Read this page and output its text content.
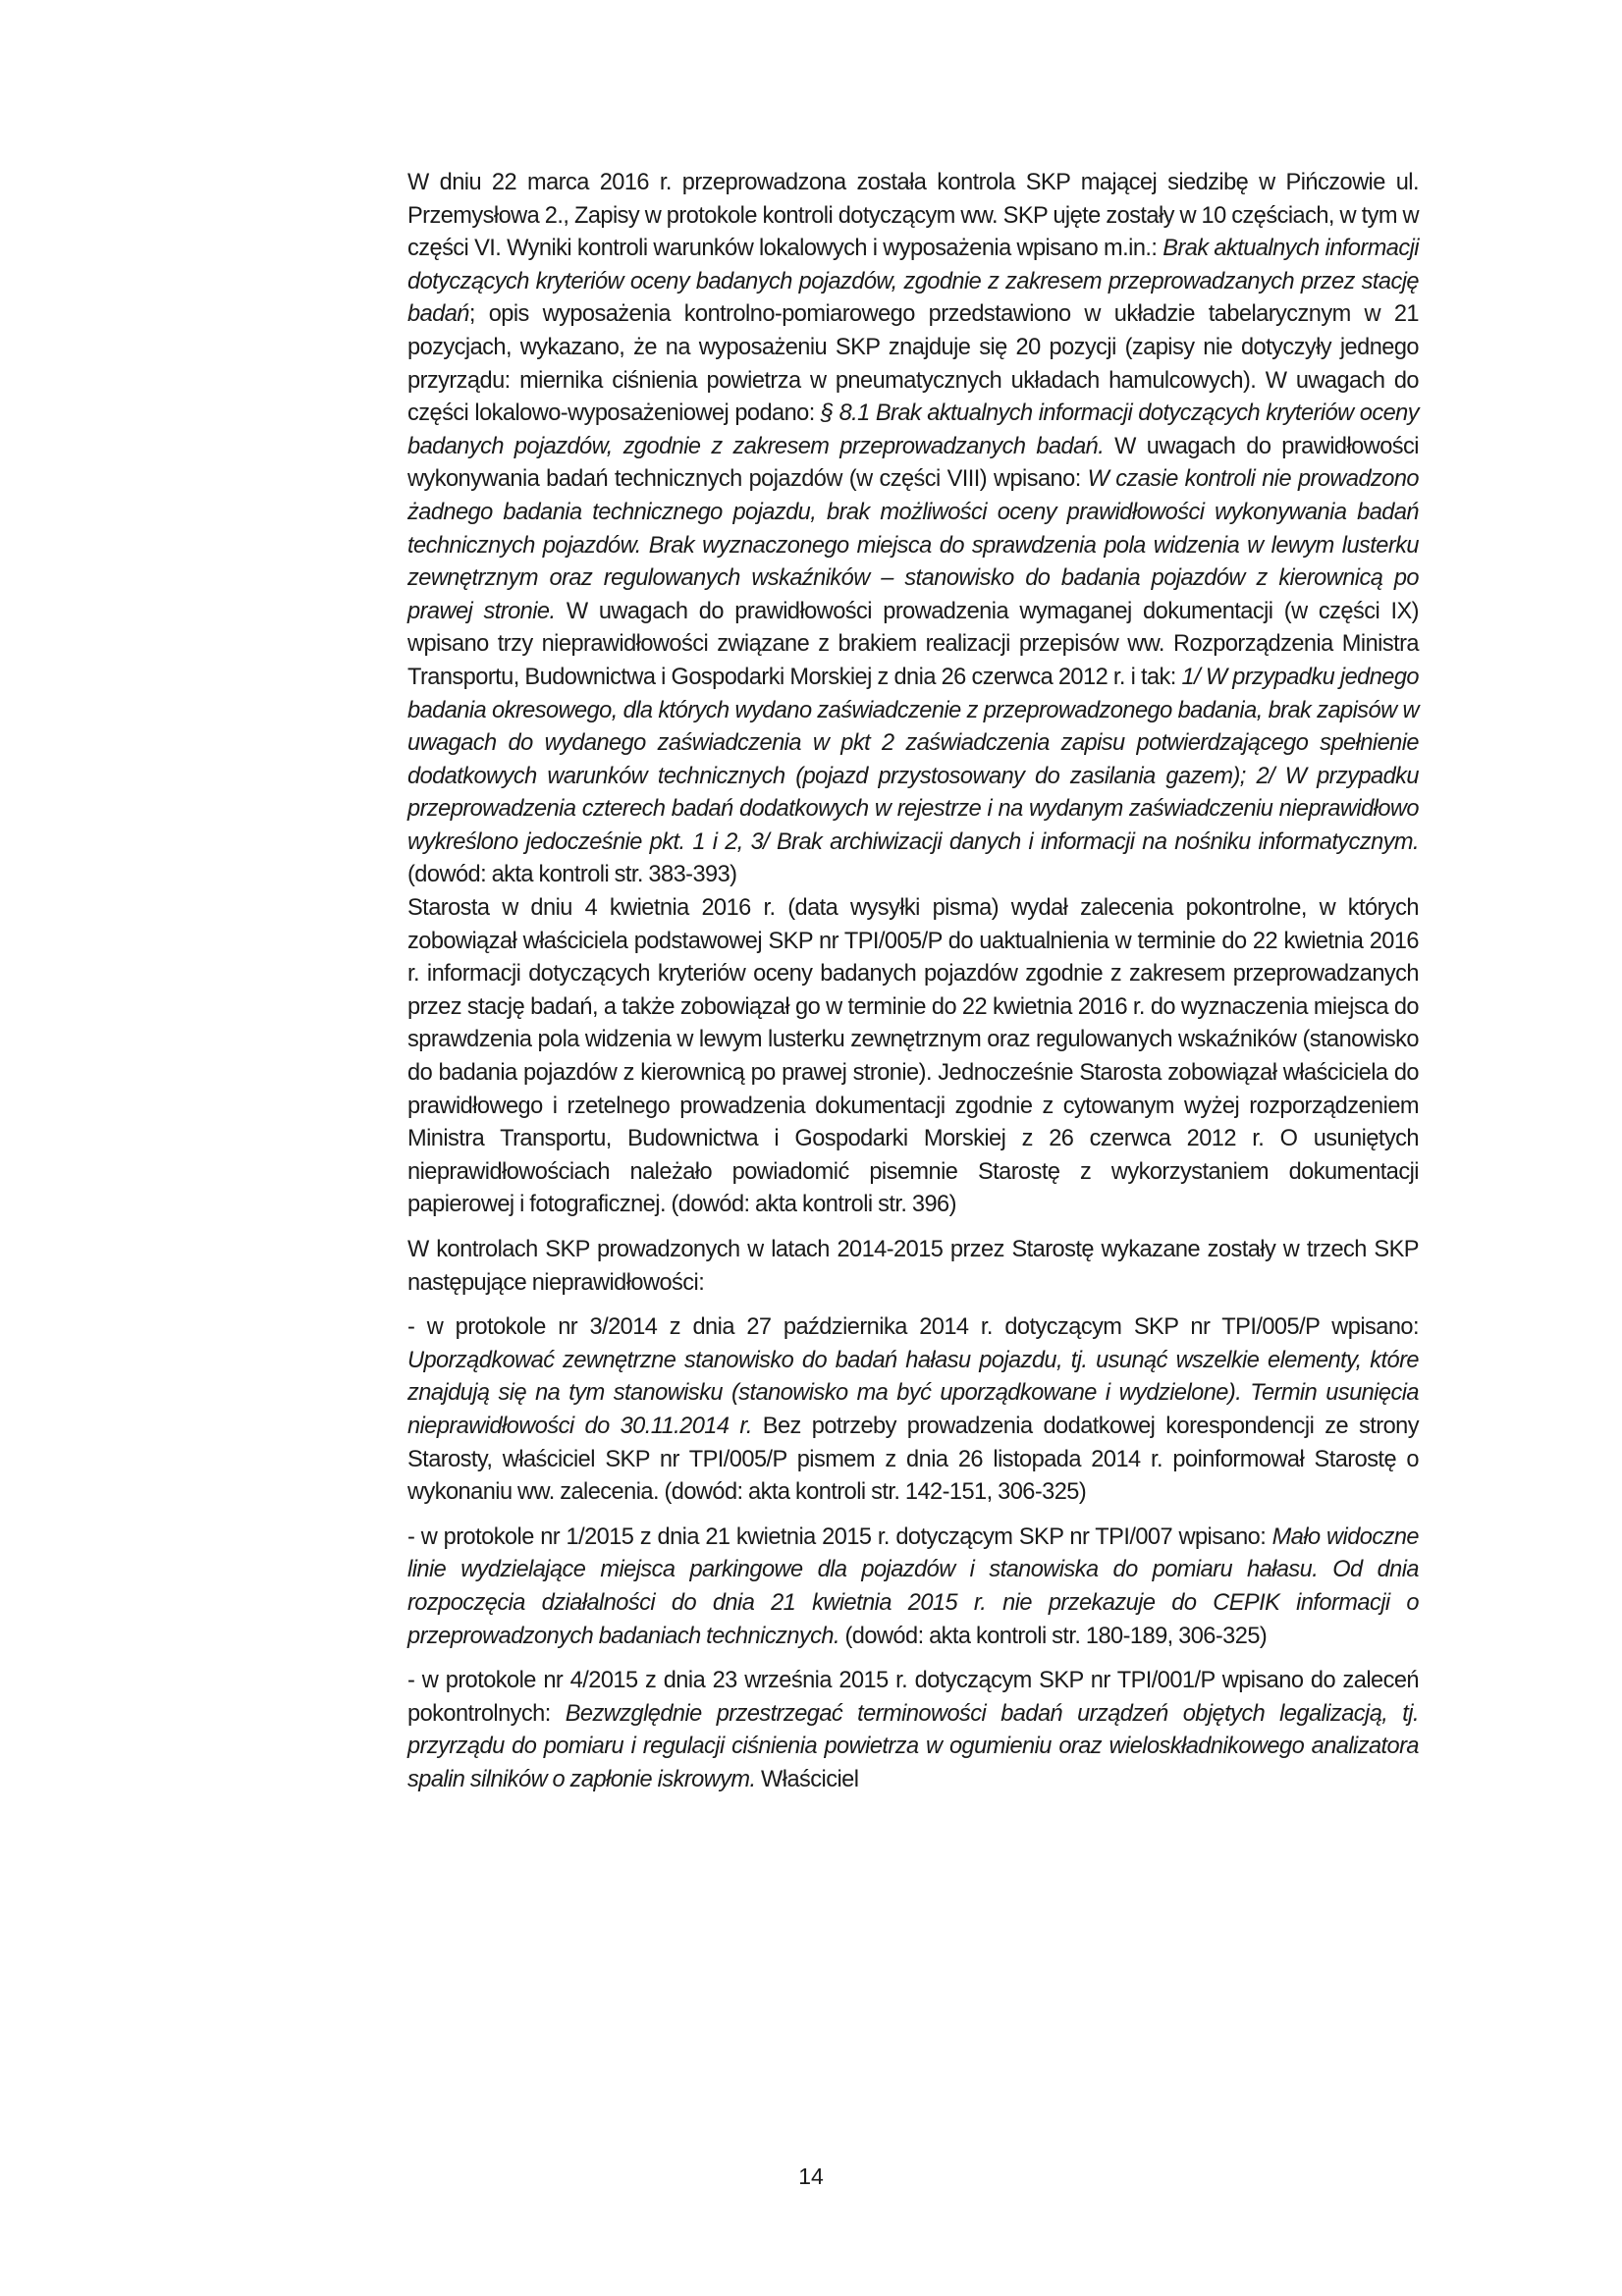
W dniu 22 marca 2016 r. przeprowadzona została kontrola SKP mającej siedzibę w Pińczowie ul. Przemysłowa 2., Zapisy w protokole kontroli dotyczącym ww. SKP ujęte zostały w 10 częściach, w tym w części VI. Wyniki kontroli warunków lokalowych i wyposażenia wpisano m.in.: Brak aktualnych informacji dotyczących kryteriów oceny badanych pojazdów, zgodnie z zakresem przeprowadzanych przez stację badań; opis wyposażenia kontrolno-pomiarowego przedstawiono w układzie tabelarycznym w 21 pozycjach, wykazano, że na wyposażeniu SKP znajduje się 20 pozycji (zapisy nie dotyczyły jednego przyrządu: miernika ciśnienia powietrza w pneumatycznych układach hamulcowych). W uwagach do części lokalowo-wyposażeniowej podano: § 8.1 Brak aktualnych informacji dotyczących kryteriów oceny badanych pojazdów, zgodnie z zakresem przeprowadzanych badań. W uwagach do prawidłowości wykonywania badań technicznych pojazdów (w części VIII) wpisano: W czasie kontroli nie prowadzono żadnego badania technicznego pojazdu, brak możliwości oceny prawidłowości wykonywania badań technicznych pojazdów. Brak wyznaczonego miejsca do sprawdzenia pola widzenia w lewym lusterku zewnętrznym oraz regulowanych wskaźników – stanowisko do badania pojazdów z kierownicą po prawej stronie. W uwagach do prawidłowości prowadzenia wymaganej dokumentacji (w części IX) wpisano trzy nieprawidłowości związane z brakiem realizacji przepisów ww. Rozporządzenia Ministra Transportu, Budownictwa i Gospodarki Morskiej z dnia 26 czerwca 2012 r. i tak: 1/ W przypadku jednego badania okresowego, dla których wydano zaświadczenie z przeprowadzonego badania, brak zapisów w uwagach do wydanego zaświadczenia w pkt 2 zaświadczenia zapisu potwierdzającego spełnienie dodatkowych warunków technicznych (pojazd przystosowany do zasilania gazem); 2/ W przypadku przeprowadzenia czterech badań dodatkowych w rejestrze i na wydanym zaświadczeniu nieprawidłowo wykreślono jedocześnie pkt. 1 i 2, 3/ Brak archiwizacji danych i informacji na nośniku informatycznym. (dowód: akta kontroli str. 383-393)

Starosta w dniu 4 kwietnia 2016 r. (data wysyłki pisma) wydał zalecenia pokontrolne, w których zobowiązał właściciela podstawowej SKP nr TPI/005/P do uaktualnienia w terminie do 22 kwietnia 2016 r. informacji dotyczących kryteriów oceny badanych pojazdów zgodnie z zakresem przeprowadzanych przez stację badań, a także zobowiązał go w terminie do 22 kwietnia 2016 r. do wyznaczenia miejsca do sprawdzenia pola widzenia w lewym lusterku zewnętrznym oraz regulowanych wskaźników (stanowisko do badania pojazdów z kierownicą po prawej stronie). Jednocześnie Starosta zobowiązał właściciela do prawidłowego i rzetelnego prowadzenia dokumentacji zgodnie z cytowanym wyżej rozporządzeniem Ministra Transportu, Budownictwa i Gospodarki Morskiej z 26 czerwca 2012 r. O usuniętych nieprawidłowościach należało powiadomić pisemnie Starostę z wykorzystaniem dokumentacji papierowej i fotograficznej. (dowód: akta kontroli str. 396)

W kontrolach SKP prowadzonych w latach 2014-2015 przez Starostę wykazane zostały w trzech SKP następujące nieprawidłowości:

- w protokole nr 3/2014 z dnia 27 października 2014 r. dotyczącym SKP nr TPI/005/P wpisano: Uporządkować zewnętrzne stanowisko do badań hałasu pojazdu, tj. usunąć wszelkie elementy, które znajdują się na tym stanowisku (stanowisko ma być uporządkowane i wydzielone). Termin usunięcia nieprawidłowości do 30.11.2014 r. Bez potrzeby prowadzenia dodatkowej korespondencji ze strony Starosty, właściciel SKP nr TPI/005/P pismem z dnia 26 listopada 2014 r. poinformował Starostę o wykonaniu ww. zalecenia. (dowód: akta kontroli str. 142-151, 306-325)

- w protokole nr 1/2015 z dnia 21 kwietnia 2015 r. dotyczącym SKP nr TPI/007 wpisano: Mało widoczne linie wydzielające miejsca parkingowe dla pojazdów i stanowiska do pomiaru hałasu. Od dnia rozpoczęcia działalności do dnia 21 kwietnia 2015 r. nie przekazuje do CEPIK informacji o przeprowadzonych badaniach technicznych. (dowód: akta kontroli str. 180-189, 306-325)

- w protokole nr 4/2015 z dnia 23 września 2015 r. dotyczącym SKP nr TPI/001/P wpisano do zaleceń pokontrolnych: Bezwzględnie przestrzegać terminowości badań urządzeń objętych legalizacją, tj. przyrządu do pomiaru i regulacji ciśnienia powietrza w ogumieniu oraz wieloskładnikowego analizatora spalin silników o zapłonie iskrowym. Właściciel

14
